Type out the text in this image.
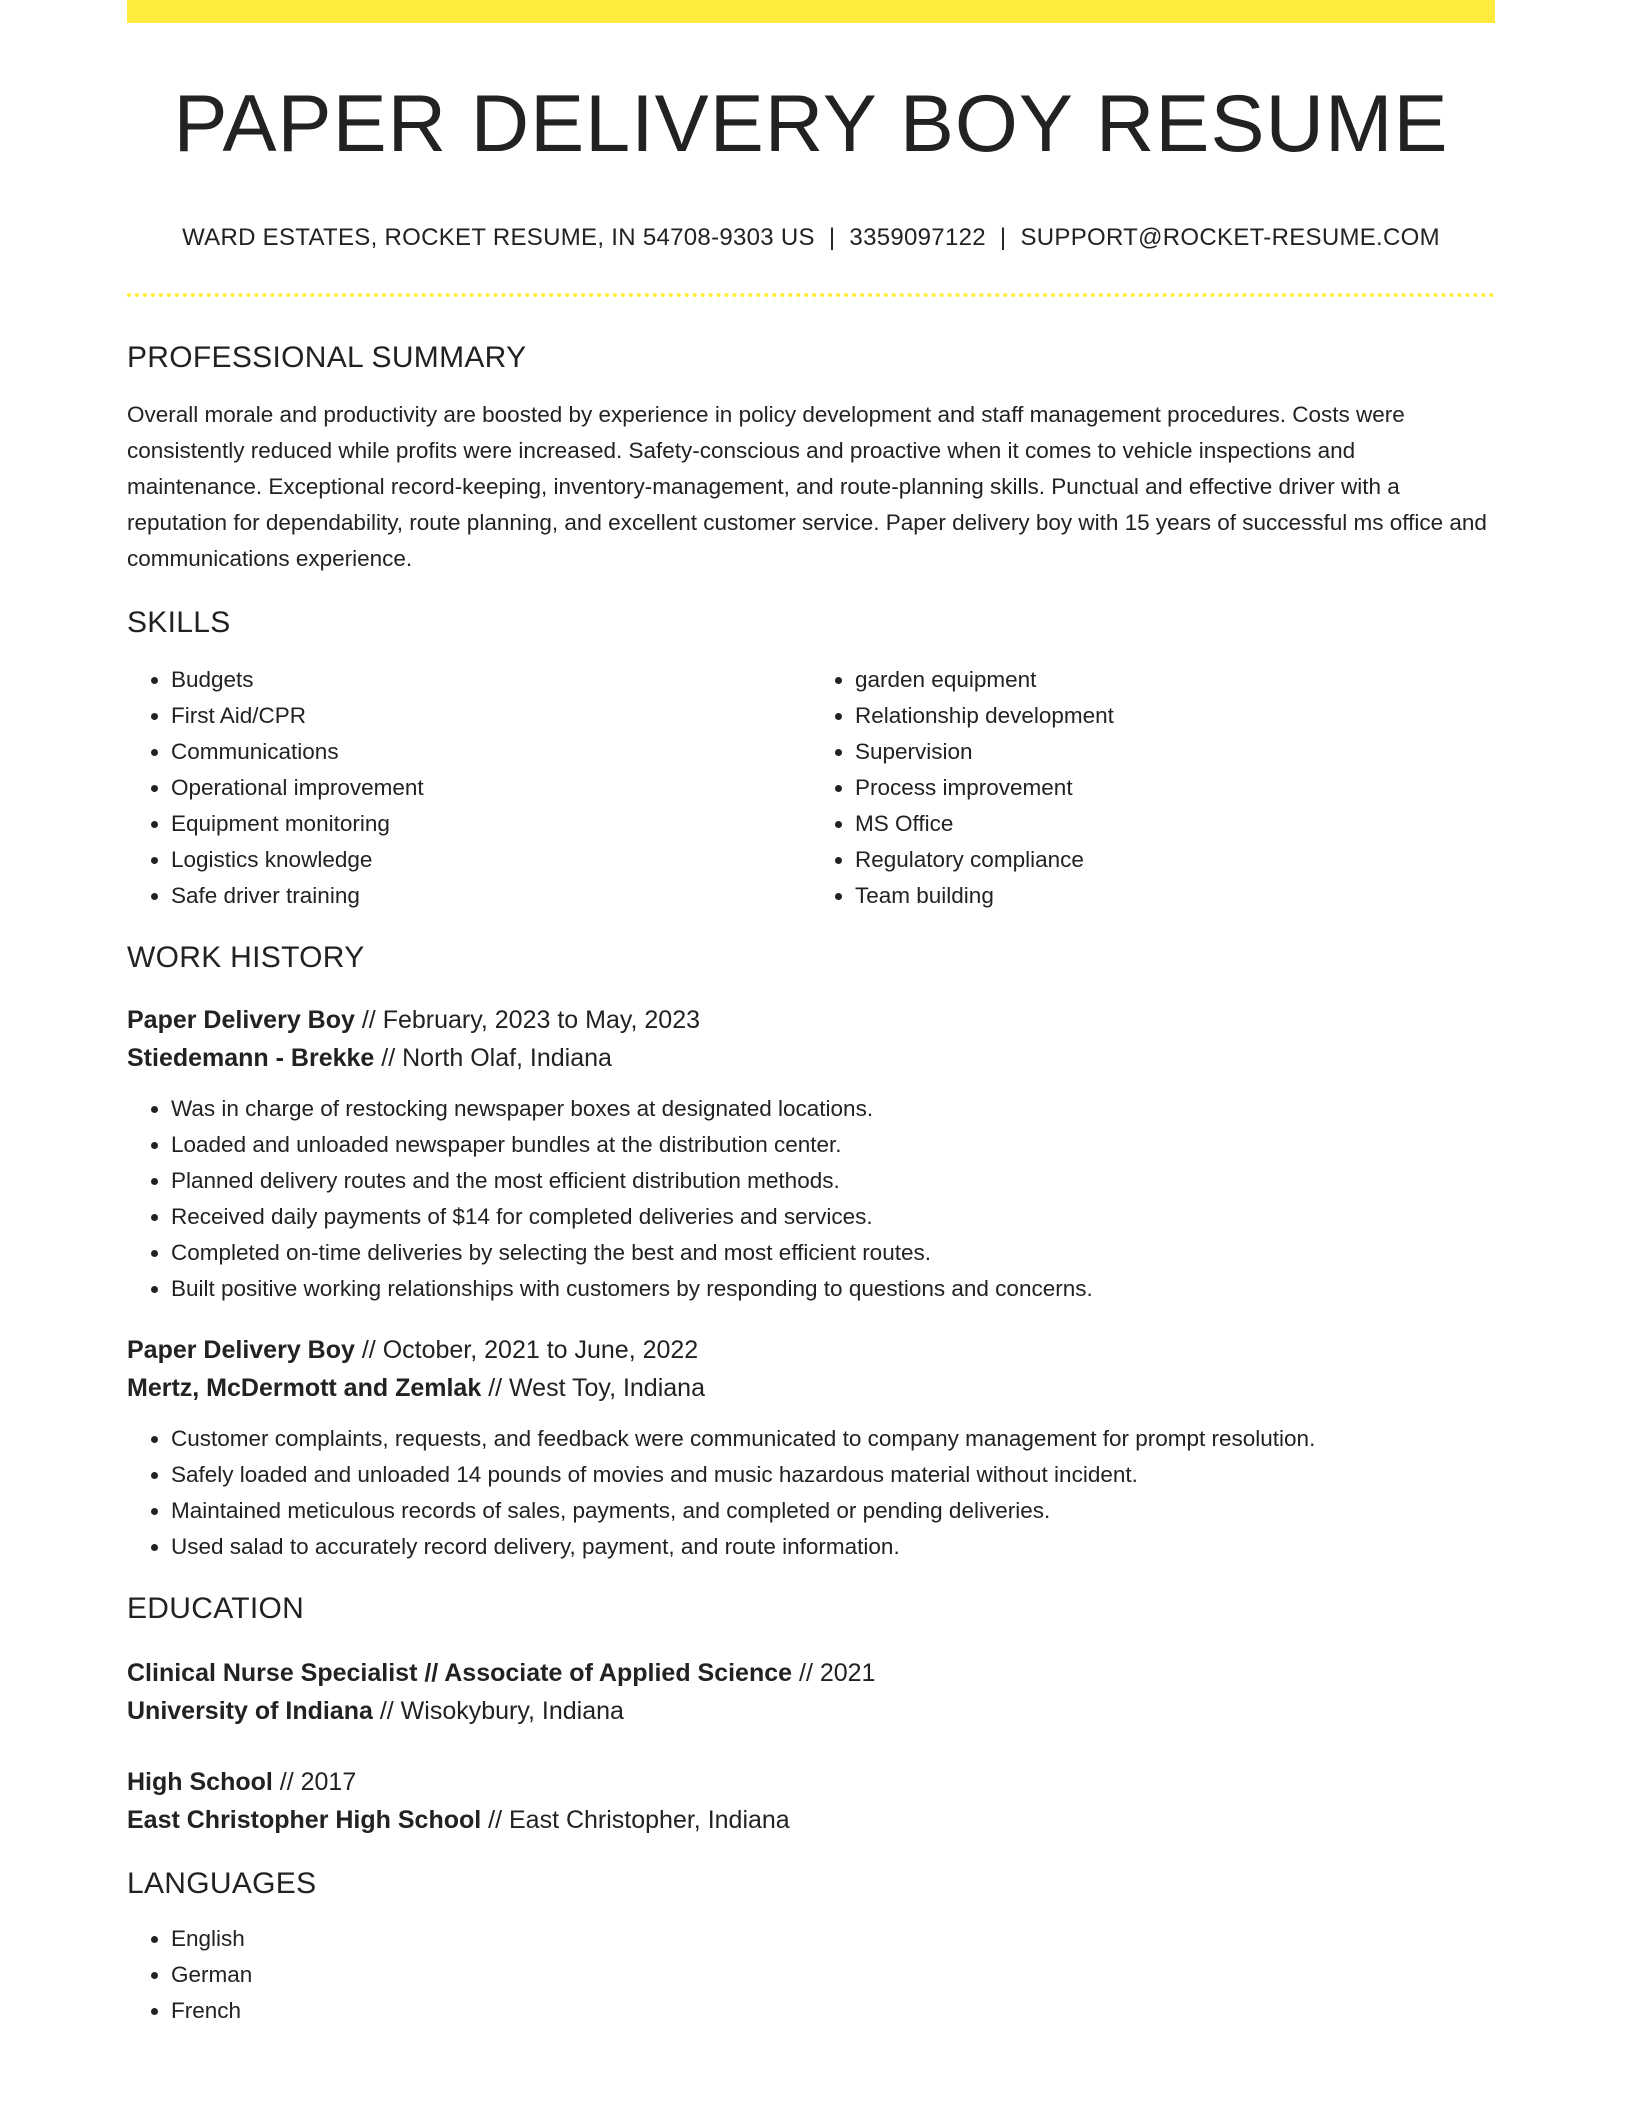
PAPER DELIVERY BOY RESUME
WARD ESTATES, ROCKET RESUME, IN 54708-9303 US | 3359097122 | SUPPORT@ROCKET-RESUME.COM
PROFESSIONAL SUMMARY

Overall morale and productivity are boosted by experience in policy development and staff management procedures. Costs were consistently reduced while profits were increased. Safety-conscious and proactive when it comes to vehicle inspections and maintenance. Exceptional record-keeping, inventory-management, and route-planning skills. Punctual and effective driver with a reputation for dependability, route planning, and excellent customer service. Paper delivery boy with 15 years of successful ms office and communications experience.

SKILLS
• Budgets
• First Aid/CPR
• Communications
• Operational improvement
• Equipment monitoring
• Logistics knowledge
• Safe driver training
• garden equipment
• Relationship development
• Supervision
• Process improvement
• MS Office
• Regulatory compliance
• Team building
WORK HISTORY

Paper Delivery Boy // February, 2023 to May, 2023

Stiedemann - Brekke // North Olaf, Indiana

• Was in charge of restocking newspaper boxes at designated locations.
• Loaded and unloaded newspaper bundles at the distribution center.
• Planned delivery routes and the most efficient distribution methods.
• Received daily payments of $14 for completed deliveries and services.
• Completed on-time deliveries by selecting the best and most efficient routes.
• Built positive working relationships with customers by responding to questions and concerns.

Paper Delivery Boy // October, 2021 to June, 2022

Mertz, McDermott and Zemlak // West Toy, Indiana

• Customer complaints, requests, and feedback were communicated to company management for prompt resolution.
• Safely loaded and unloaded 14 pounds of movies and music hazardous material without incident.
• Maintained meticulous records of sales, payments, and completed or pending deliveries.
• Used salad to accurately record delivery, payment, and route information.
EDUCATION

Clinical Nurse Specialist // Associate of Applied Science // 2021

University of Indiana // Wisokybury, Indiana

High School // 2017

East Christopher High School // East Christopher, Indiana

LANGUAGES
• English
• German
• French
